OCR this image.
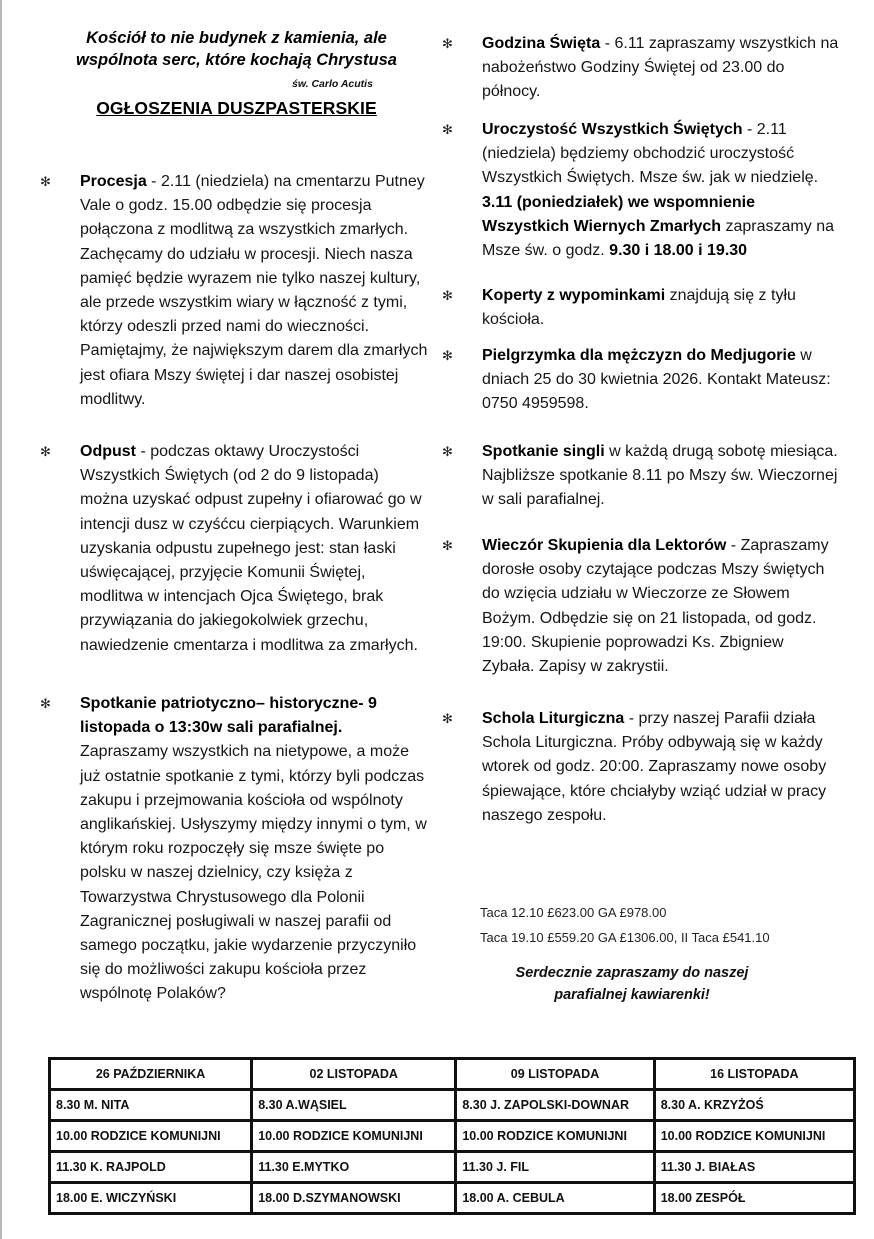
Kościół to nie budynek z kamienia, ale
wspólnota serc, które kochają Chrystusa
św. Carlo Acutis
OGŁOSZENIA DUSZPASTERSKIE
✻ Procesja - 2.11 (niedziela) na cmentarzu Putney Vale o godz. 15.00 odbędzie się procesja połączona z modlitwą za wszystkich zmarłych. Zachęcamy do udziału w procesji. Niech nasza pamięć będzie wyrazem nie tylko naszej kultury, ale przede wszystkim wiary w łączność z tymi, którzy odeszli przed nami do wieczności. Pamiętajmy, że największym darem dla zmarłych jest ofiara Mszy świętej i dar naszej osobistej modlitwy.
✻ Odpust - podczas oktawy Uroczystości Wszystkich Świętych (od 2 do 9 listopada) można uzyskać odpust zupełny i ofiarować go w intencji dusz w czyśćcu cierpiących. Warunkiem uzyskania odpustu zupełnego jest: stan łaski uświęcającej, przyjęcie Komunii Świętej, modlitwa w intencjach Ojca Świętego, brak przywiązania do jakiegokolwiek grzechu, nawiedzenie cmentarza i modlitwa za zmarłych.
✻ Spotkanie patriotyczno– historyczne- 9 listopada o 13:30w sali parafialnej. Zapraszamy wszystkich na nietypowe, a może już ostatnie spotkanie z tymi, którzy byli podczas zakupu i przejmowania kościoła od wspólnoty anglikańskiej. Usłyszymy między innymi o tym, w którym roku rozpoczęły się msze święte po polsku w naszej dzielnicy, czy księża z Towarzystwa Chrystusowego dla Polonii Zagranicznej posługiwali w naszej parafii od samego początku, jakie wydarzenie przyczyniło się do możliwości zakupu kościoła przez wspólnotę Polaków?
✻ Godzina Święta - 6.11 zapraszamy wszystkich na nabożeństwo Godziny Świętej od 23.00 do północy.
✻ Uroczystość Wszystkich Świętych - 2.11 (niedziela) będziemy obchodzić uroczystość Wszystkich Świętych. Msze św. jak w niedzielę. 3.11 (poniedziałek) we wspomnienie Wszystkich Wiernych Zmarłych zapraszamy na Msze św. o godz. 9.30 i 18.00 i 19.30
✻ Koperty z wypominkami znajdują się z tyłu kościoła.
✻ Pielgrzymka dla mężczyzn do Medjugorie w dniach 25 do 30 kwietnia 2026. Kontakt Mateusz: 0750 4959598.
✻ Spotkanie singli w każdą drugą sobotę miesiąca. Najbliższe spotkanie 8.11 po Mszy św. Wieczornej w sali parafialnej.
✻ Wieczór Skupienia dla Lektorów - Zapraszamy dorosłe osoby czytające podczas Mszy świętych do wzięcia udziału w Wieczorze ze Słowem Bożym. Odbędzie się on 21 listopada, od godz. 19:00. Skupienie poprowadzi Ks. Zbigniew Zybała. Zapisy w zakrystii.
✻ Schola Liturgiczna - przy naszej Parafii działa Schola Liturgiczna. Próby odbywają się w każdy wtorek od godz. 20:00. Zapraszamy nowe osoby śpiewające, które chciałyby wziąć udział w pracy naszego zespołu.
Taca 12.10 £623.00 GA £978.00
Taca 19.10 £559.20 GA £1306.00, II Taca £541.10
Serdecznie zapraszamy do naszej
parafialnej kawiarenki!
26 PAŹDZIERNIKA	02 LISTOPADA	09 LISTOPADA	16 LISTOPADA
8.30 M. NITA	8.30 A.WĄSIEL	8.30 J. ZAPOLSKI-DOWNAR	8.30 A. KRZYŻOŚ
10.00 RODZICE KOMUNIJNI	10.00 RODZICE KOMUNIJNI	10.00 RODZICE KOMUNIJNI	10.00 RODZICE KOMUNIJNI
11.30 K. RAJPOLD	11.30 E.MYTKO	11.30 J. FIL	11.30 J. BIAŁAS
18.00 E. WICZYŃSKI	18.00 D.SZYMANOWSKI	18.00 A. CEBULA	18.00 ZESPÓŁ
